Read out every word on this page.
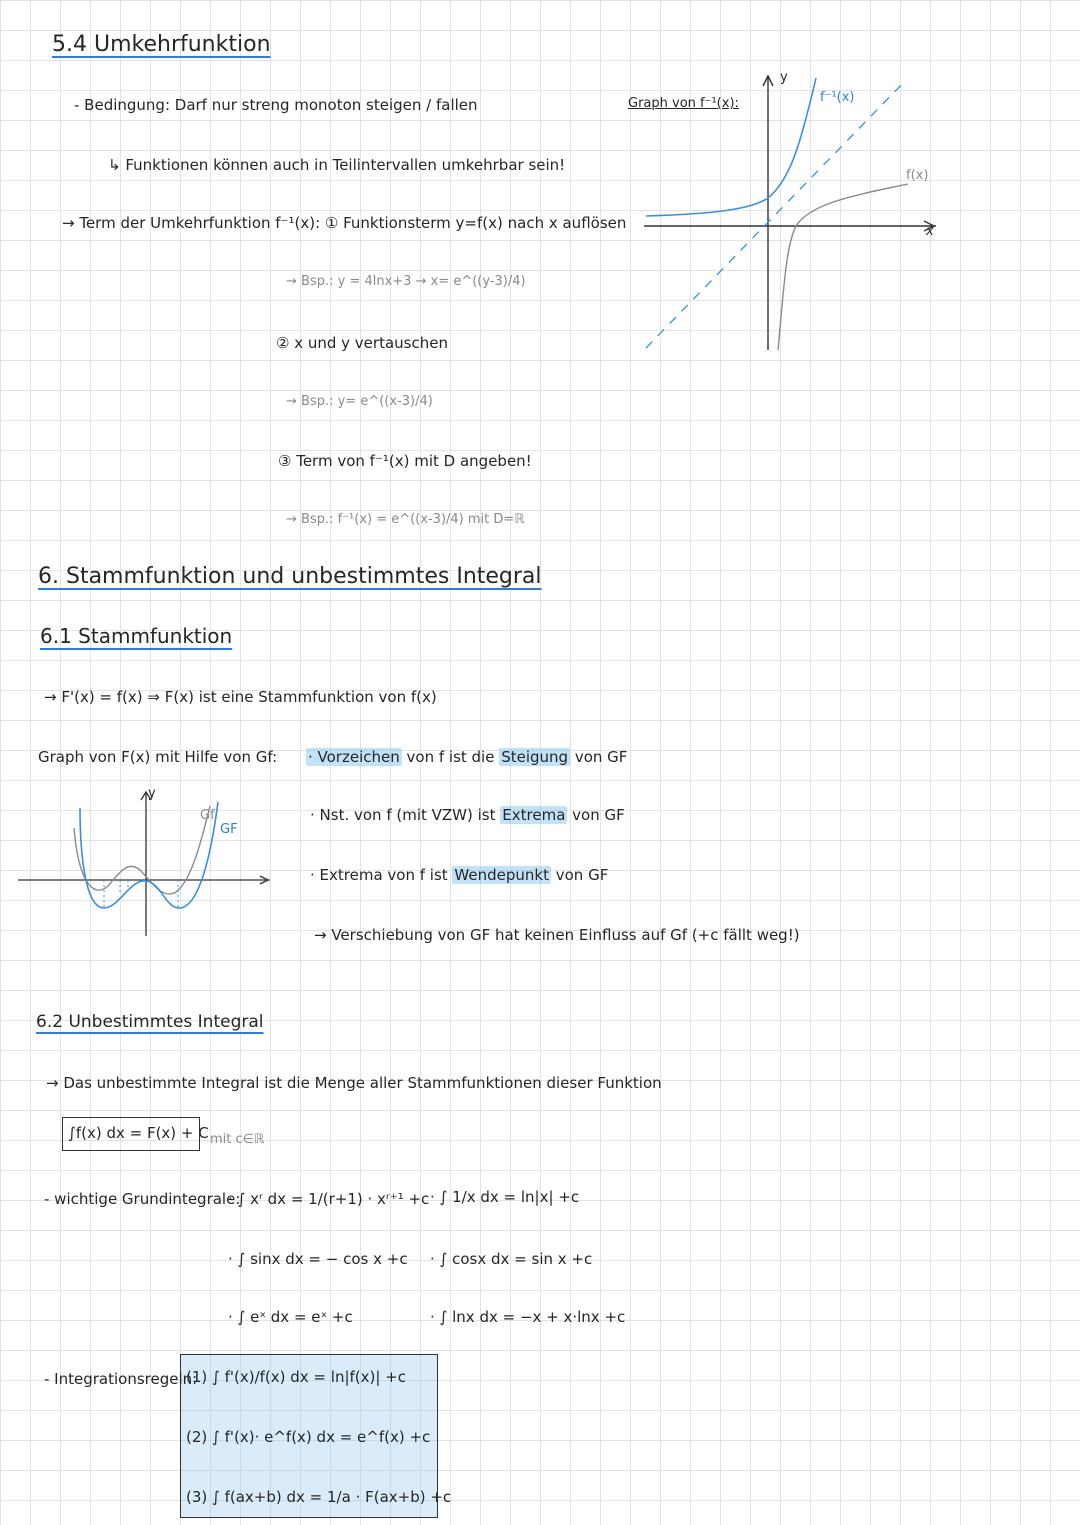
5.4 Umkehrfunktion
- Bedingung: Darf nur streng monoton steigen / fallen
↳ Funktionen können auch in Teilintervallen umkehrbar sein!
→ Term der Umkehrfunktion f⁻¹(x): ① Funktionsterm y=f(x) nach x auflösen
→ Bsp.: y = 4lnx+3 → x= e^((y-3)/4)
② x und y vertauschen
→ Bsp.: y= e^((x-3)/4)
③ Term von f⁻¹(x) mit D angeben!
→ Bsp.: f⁻¹(x) = e^((x-3)/4) mit D=ℝ
Graph von f⁻¹(x):
y
x
f⁻¹(x)
f(x)
6. Stammfunktion und unbestimmtes Integral
6.1 Stammfunktion
→ F'(x) = f(x) ⇒ F(x) ist eine Stammfunktion von f(x)
Graph von F(x) mit Hilfe von Gf: · Vorzeichen von f ist die Steigung von GF
· Nst. von f (mit VZW) ist Extrema von GF
· Extrema von f ist Wendepunkt von GF
→ Verschiebung von GF hat keinen Einfluss auf Gf (+c fällt weg!)
y
Gf
GF
6.2 Unbestimmtes Integral
→ Das unbestimmte Integral ist die Menge aller Stammfunktionen dieser Funktion
∫f(x) dx = F(x) + C mit c∈ℝ
- wichtige Grundintegrale:
· ∫ xʳ dx = 1/(r+1) · xʳ⁺¹ +c · ∫ 1/x dx = ln|x| +c
· ∫ sinx dx = − cos x +c · ∫ cosx dx = sin x +c
· ∫ eˣ dx = eˣ +c	· ∫ lnx dx = −x + x·lnx +c
- Integrationsregeln:
(1) ∫ f'(x)/f(x) dx = ln|f(x)| +c
(2) ∫ f'(x)· e^f(x) dx = e^f(x) +c
(3) ∫ f(ax+b) dx = 1/a · F(ax+b) +c
